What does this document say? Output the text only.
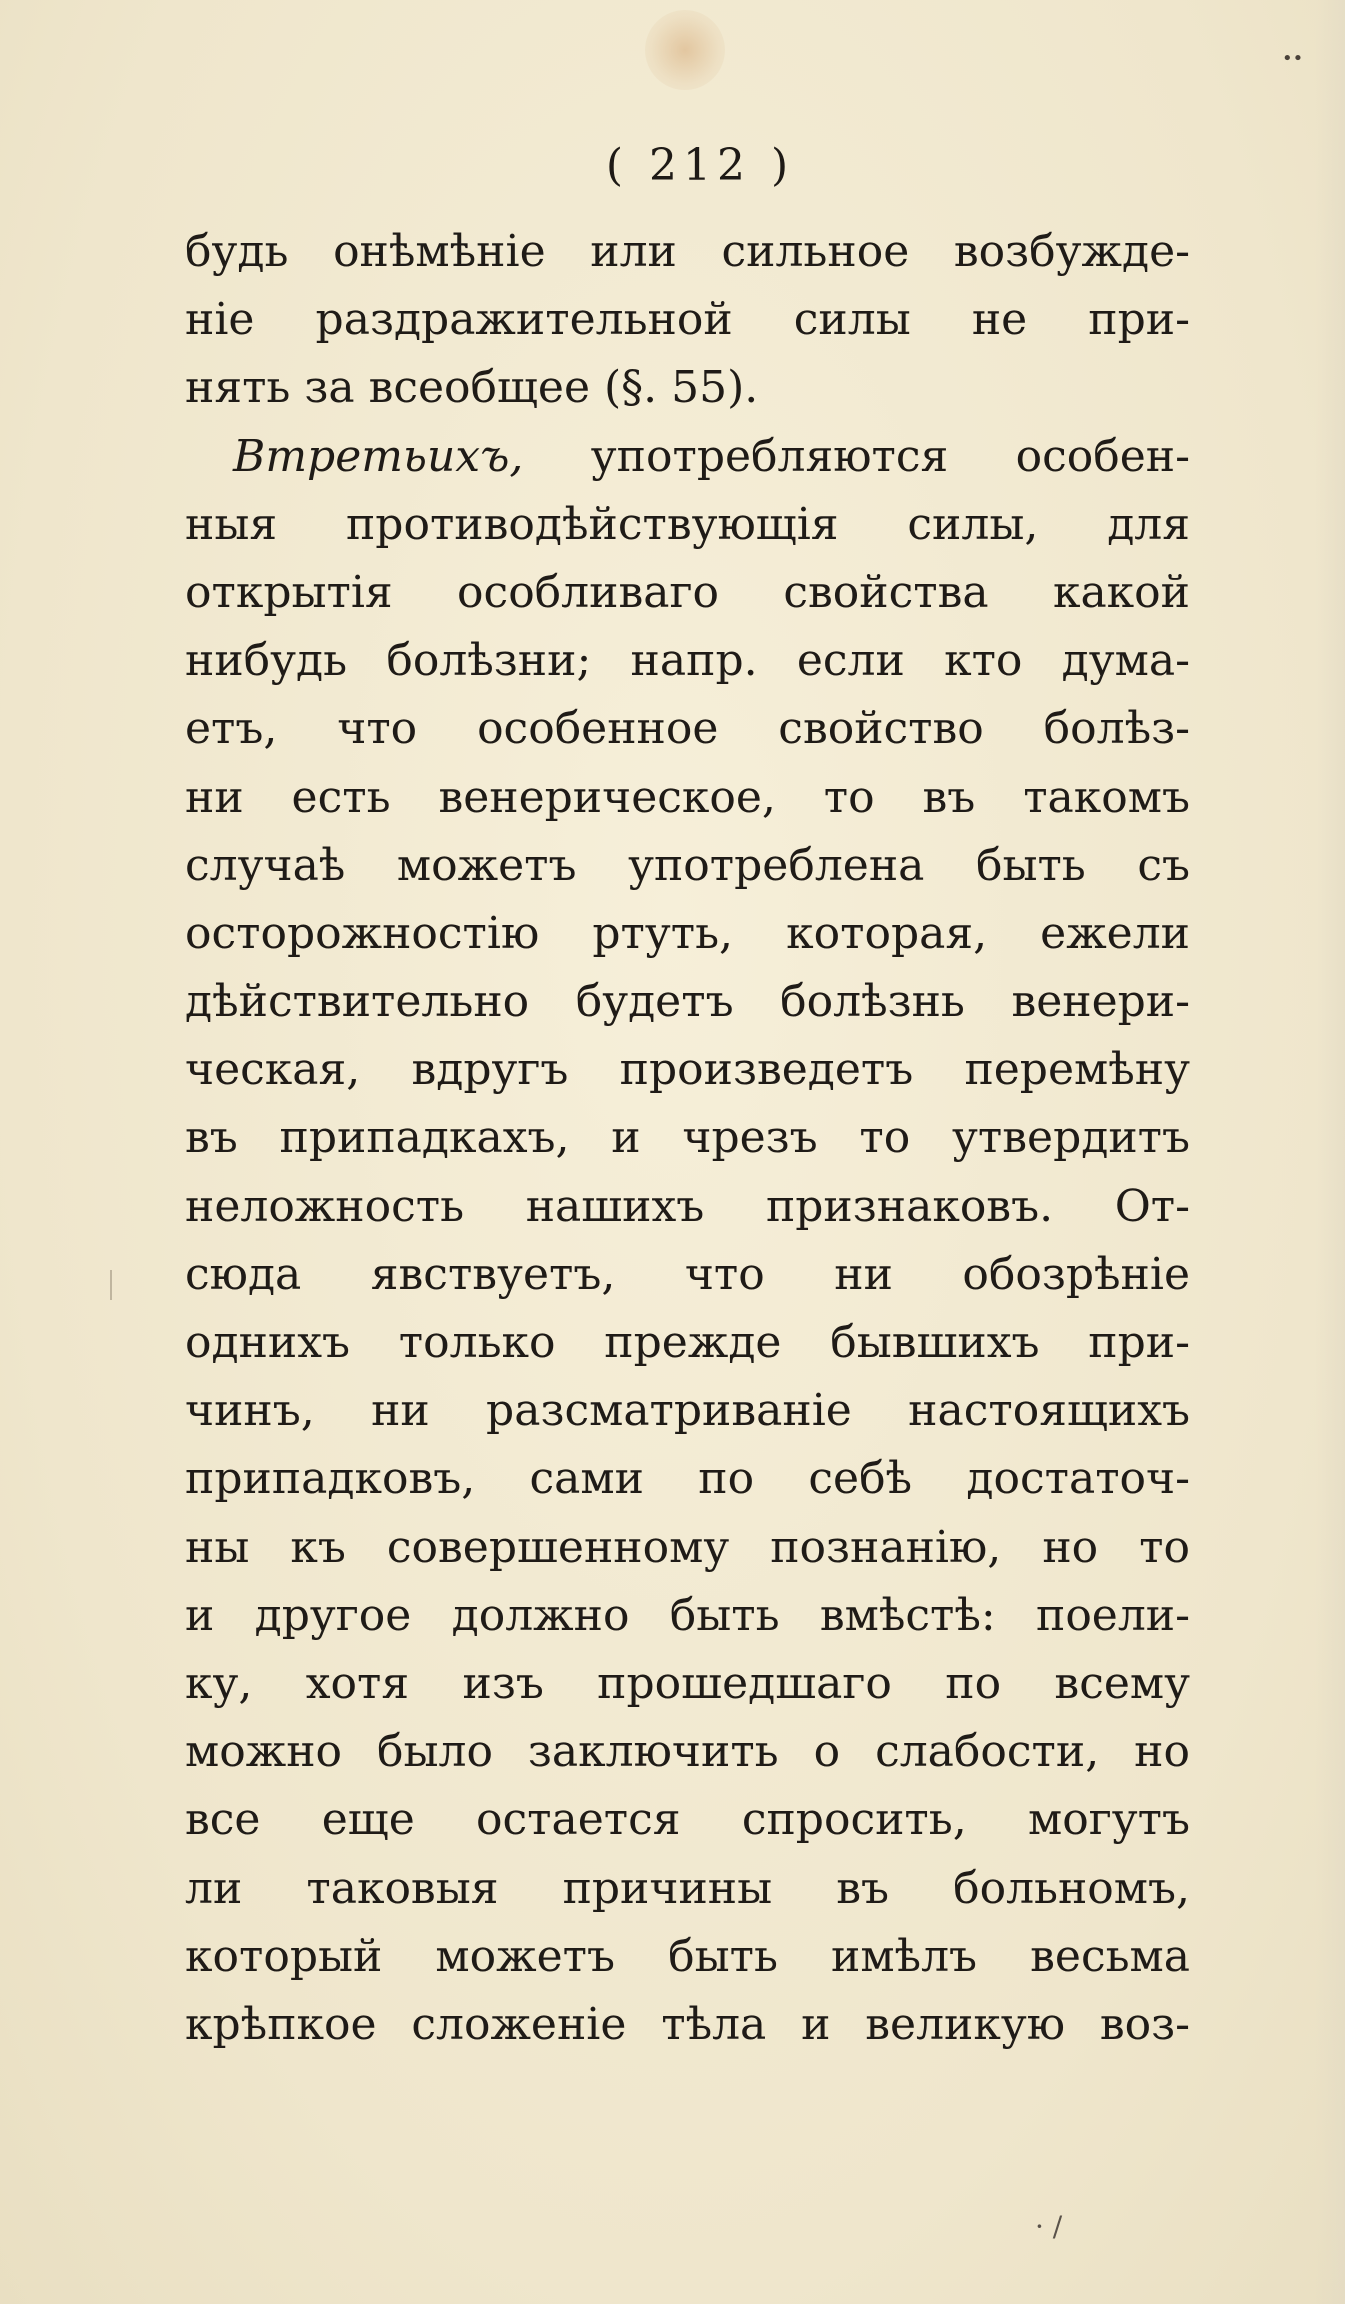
••
( 212 )
будь онѣмѣнiе или сильное возбужде-
нiе раздражительной силы не при-
нять за всеобщее (§. 55).
Втретьихъ, употребляются особен-
ныя противодѣйствующiя силы, для
открытiя особливаго свойства какой
нибудь болѣзни; напр. если кто дума-
етъ, что особенное свойство болѣз-
ни есть венерическое, то въ такомъ
случаѣ можетъ употреблена быть съ
осторожностiю ртуть, которая, ежели
дѣйствительно будетъ болѣзнь венери-
ческая, вдругъ произведетъ перемѣну
въ припадкахъ, и чрезъ то утвердитъ
неложность нашихъ признаковъ. От-
сюда явствуетъ, что ни обозрѣнiе
однихъ только прежде бывшихъ при-
чинъ, ни разсматриванiе настоящихъ
припадковъ, сами по себѣ достаточ-
ны къ совершенному познанiю, но то
и другое должно быть вмѣстѣ: поели-
ку, хотя изъ прошедшаго по всему
можно было заключить о слабости, но
все еще остается спросить, могутъ
ли таковыя причины въ больномъ,
который можетъ быть имѣлъ весьма
крѣпкое сложенiе тѣла и великую воз-
· /
